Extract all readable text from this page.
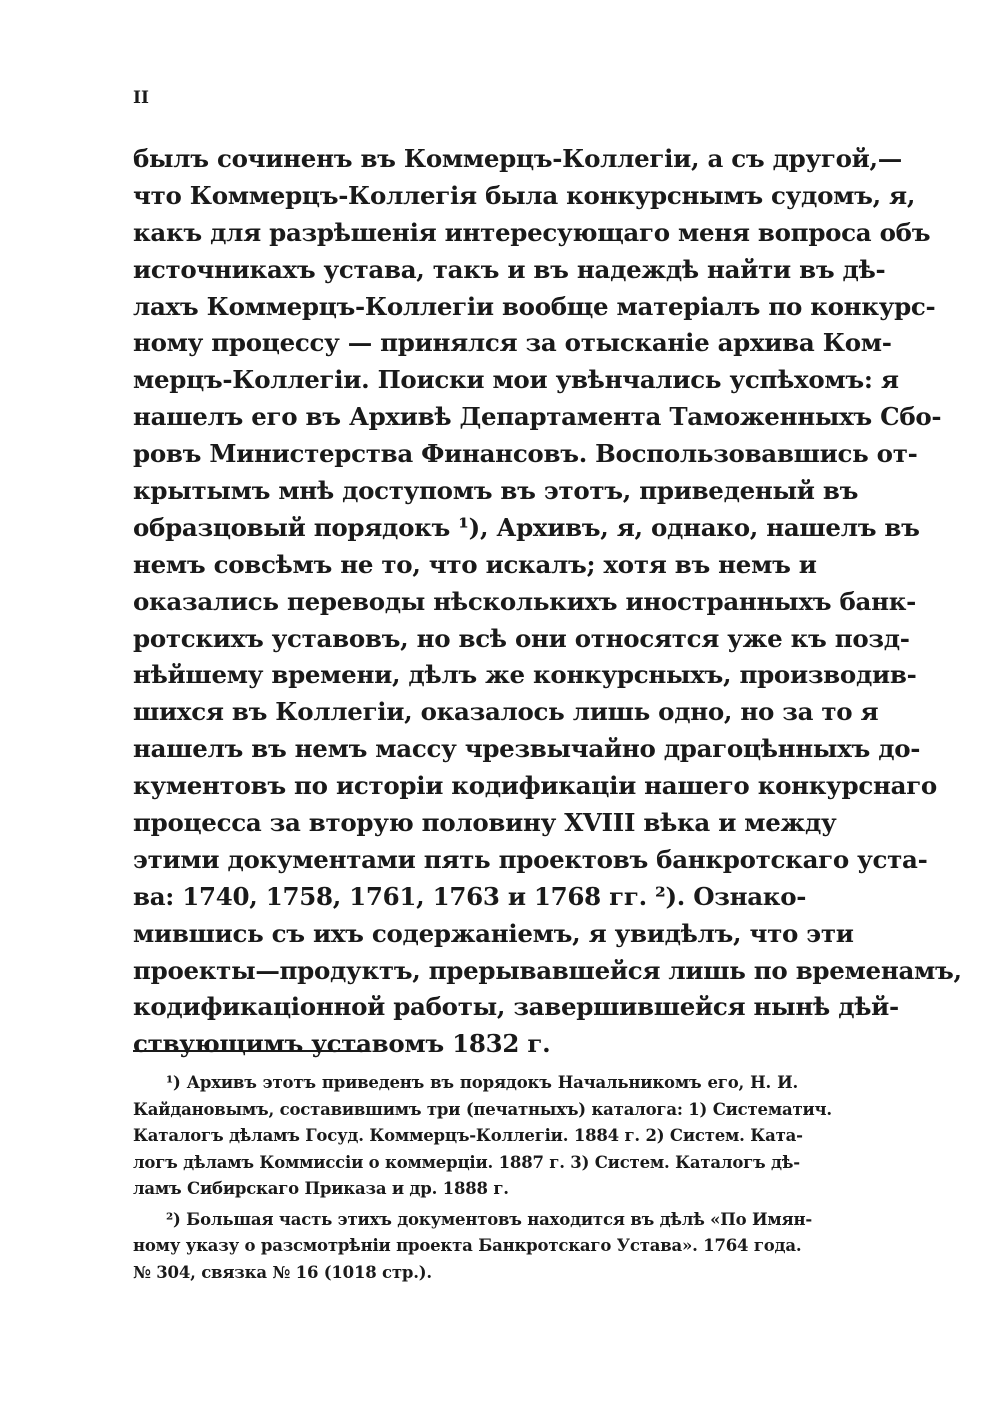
II
былъ сочиненъ въ Коммерцъ-Коллегіи, а съ другой,—
что Коммерцъ-Коллегія была конкурснымъ судомъ, я,
какъ для разрѣшенія интересующаго меня вопроса объ
источникахъ устава, такъ и въ надеждѣ найти въ дѣ-
лахъ Коммерцъ-Коллегіи вообще матеріалъ по конкурс-
ному процессу — принялся за отысканіе архива Ком-
мерцъ-Коллегіи. Поиски мои увѣнчались успѣхомъ: я
нашелъ его въ Архивѣ Департамента Таможенныхъ Сбо-
ровъ Министерства Финансовъ. Воспользовавшись от-
крытымъ мнѣ доступомъ въ этотъ, приведеный въ
образцовый порядокъ ¹), Архивъ, я, однако, нашелъ въ
немъ совсѣмъ не то, что искалъ; хотя въ немъ и
оказались переводы нѣсколькихъ иностранныхъ банк-
ротскихъ уставовъ, но всѣ они относятся уже къ позд-
нѣйшему времени, дѣлъ же конкурсныхъ, производив-
шихся въ Коллегіи, оказалось лишь одно, но за то я
нашелъ въ немъ массу чрезвычайно драгоцѣнныхъ до-
кументовъ по исторіи кодификаціи нашего конкурснаго
процесса за вторую половину XVIII вѣка и между
этими документами пять проектовъ банкротскаго уста-
ва: 1740, 1758, 1761, 1763 и 1768 гг. ²). Ознако-
мившись съ ихъ содержаніемъ, я увидѣлъ, что эти
проекты—продуктъ, прерывавшейся лишь по временамъ,
кодификаціонной работы, завершившейся нынѣ дѣй-
ствующимъ уставомъ 1832 г.
¹) Архивъ этотъ приведенъ въ порядокъ Начальникомъ его, Н. И.
Кайдановымъ, составившимъ три (печатныхъ) каталога: 1) Систематич.
Каталогъ дѣламъ Госуд. Коммерцъ-Коллегіи. 1884 г. 2) Систем. Ката-
логъ дѣламъ Коммиссіи о коммерціи. 1887 г. 3) Систем. Каталогъ дѣ-
ламъ Сибирскаго Приказа и др. 1888 г.
²) Большая часть этихъ документовъ находится въ дѣлѣ «По Имян-
ному указу о разсмотрѣніи проекта Банкротскаго Устава». 1764 года.
№ 304, связка № 16 (1018 стр.).
